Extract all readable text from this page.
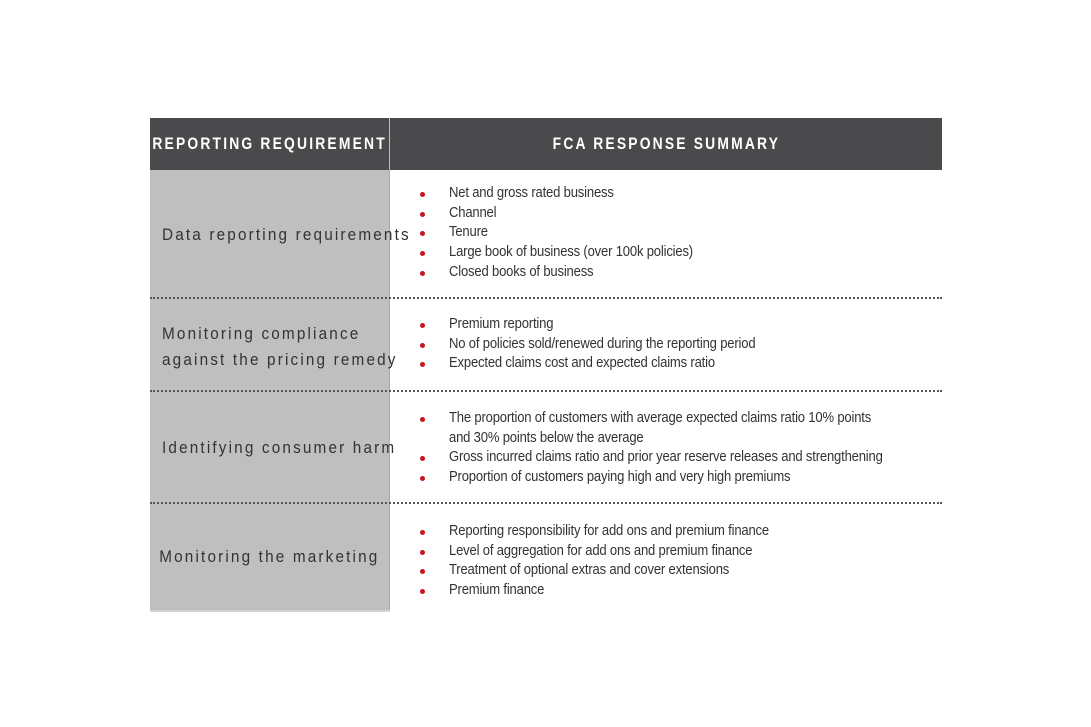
REPORTING REQUIREMENT	FCA RESPONSE SUMMARY
Data reporting requirements
Net and gross rated business
Channel
Tenure
Large book of business (over 100k policies)
Closed books of business
Monitoring compliance
against the pricing remedy
Premium reporting
No of policies sold/renewed during the reporting period
Expected claims cost and expected claims ratio
Identifying consumer harm
The proportion of customers with average expected claims ratio 10% points
and 30% points below the average
Gross incurred claims ratio and prior year reserve releases and strengthening
Proportion of customers paying high and very high premiums
Monitoring the marketing
Reporting responsibility for add ons and premium finance
Level of aggregation for add ons and premium finance
Treatment of optional extras and cover extensions
Premium finance
